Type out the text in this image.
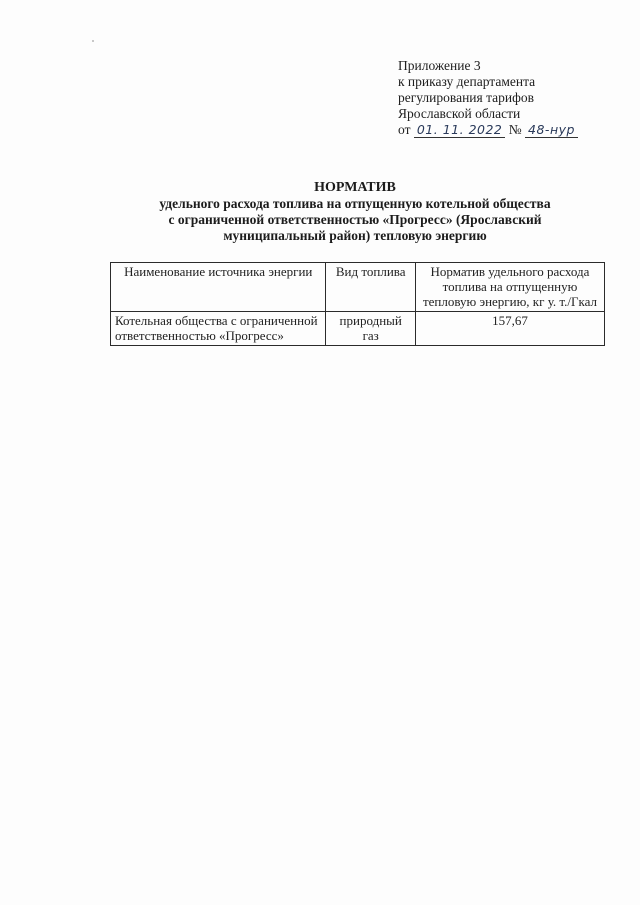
Приложение 3
к приказу департамента
регулирования тарифов
Ярославской области
от 01. 11. 2022 № 48-нур
НОРМАТИВ
удельного расхода топлива на отпущенную котельной общества
с ограниченной ответственностью «Прогресс» (Ярославский
муниципальный район) тепловую энергию
Наименование источника энергии	Вид топлива	Норматив удельного расхода топлива на отпущенную тепловую энергию, кг у. т./Гкал
Котельная общества с ограниченной ответственностью «Прогресс»	природный газ	157,67
